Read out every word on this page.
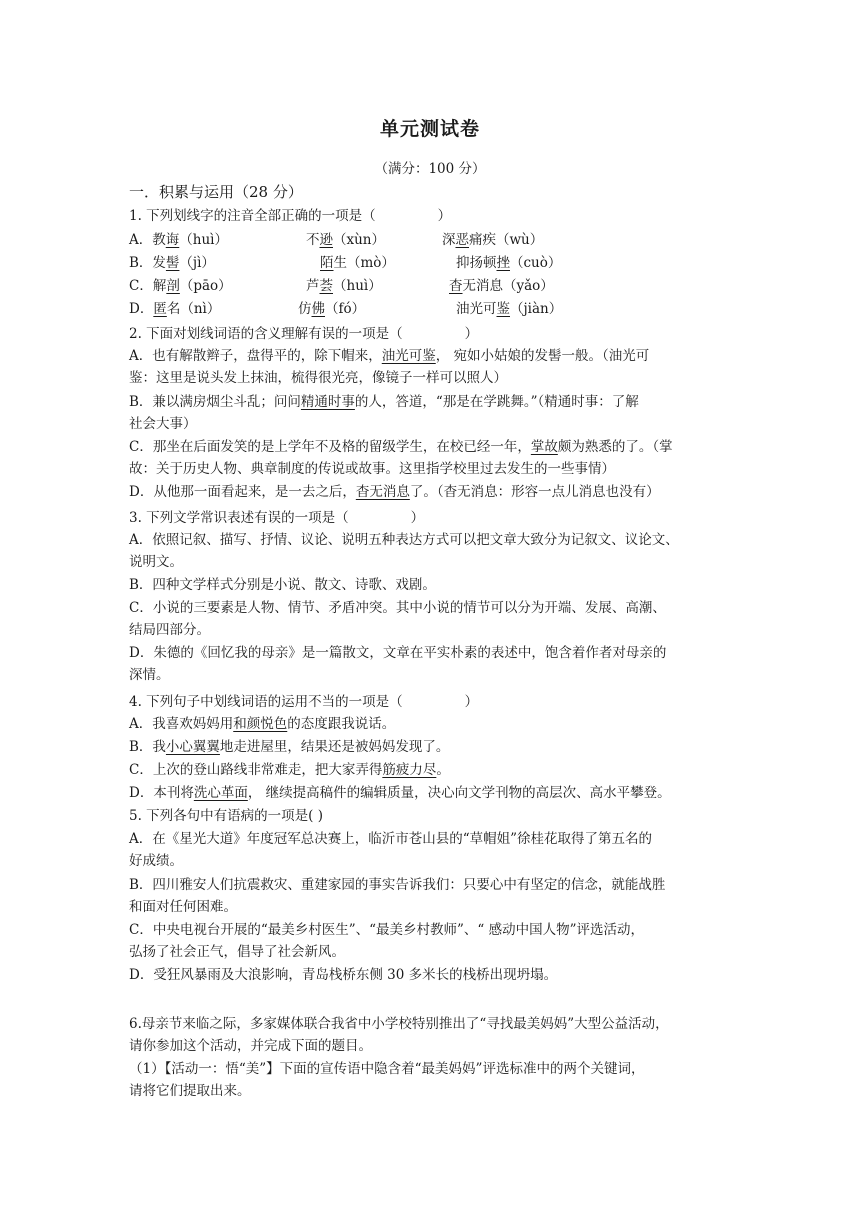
单元测试卷
（满分：100 分）
一．积累与运用（28 分）
1. 下列划线字的注音全部正确的一项是（	）
A．教诲（huì）	不逊（xùn）	深恶痛疾（wù）
B．发髻（jì）	陌生（mò）	抑扬顿挫（cuò）
C．解剖（pāo）	芦荟（huì）	杳无消息（yǎo）
D．匿名（nì）	仿佛（fó）	油光可鉴（jiàn）
2. 下面对划线词语的含义理解有误的一项是（	）
A．也有解散辫子，盘得平的，除下帽来，油光可鉴， 宛如小姑娘的发髻一般。（油光可
鉴：这里是说头发上抹油，梳得很光亮，像镜子一样可以照人）
B．兼以满房烟尘斗乱；问问精通时事的人，答道，“那是在学跳舞。”（精通时事：了解
社会大事）
C．那坐在后面发笑的是上学年不及格的留级学生，在校已经一年，掌故颇为熟悉的了。（掌
故：关于历史人物、典章制度的传说或故事。这里指学校里过去发生的一些事情）
D．从他那一面看起来，是一去之后，杳无消息了。（杳无消息：形容一点儿消息也没有）
3. 下列文学常识表述有误的一项是（	）
A．依照记叙、描写、抒情、议论、说明五种表达方式可以把文章大致分为记叙文、议论文、
说明文。
B．四种文学样式分别是小说、散文、诗歌、戏剧。
C．小说的三要素是人物、情节、矛盾冲突。其中小说的情节可以分为开端、发展、高潮、
结局四部分。
D．朱德的《回忆我的母亲》是一篇散文，文章在平实朴素的表述中，饱含着作者对母亲的
深情。
4. 下列句子中划线词语的运用不当的一项是（	）
A．我喜欢妈妈用和颜悦色的态度跟我说话。
B．我小心翼翼地走进屋里，结果还是被妈妈发现了。
C．上次的登山路线非常难走，把大家弄得筋疲力尽。
D．本刊将洗心革面， 继续提高稿件的编辑质量，决心向文学刊物的高层次、高水平攀登。
5. 下列各句中有语病的一项是( )
A．在《星光大道》年度冠军总决赛上，临沂市苍山县的“草帽姐”徐桂花取得了第五名的
好成绩。
B．四川雅安人们抗震救灾、重建家园的事实告诉我们：只要心中有坚定的信念，就能战胜
和面对任何困难。
C．中央电视台开展的“最美乡村医生”、“最美乡村教师”、“ 感动中国人物”评选活动，
弘扬了社会正气，倡导了社会新风。
D．受狂风暴雨及大浪影响，青岛栈桥东侧 30 多米长的栈桥出现坍塌。
6.母亲节来临之际，多家媒体联合我省中小学校特别推出了“寻找最美妈妈”大型公益活动，
请你参加这个活动，并完成下面的题目。
（1）【活动一：悟“美”】下面的宣传语中隐含着“最美妈妈”评选标准中的两个关键词，
请将它们提取出来。
